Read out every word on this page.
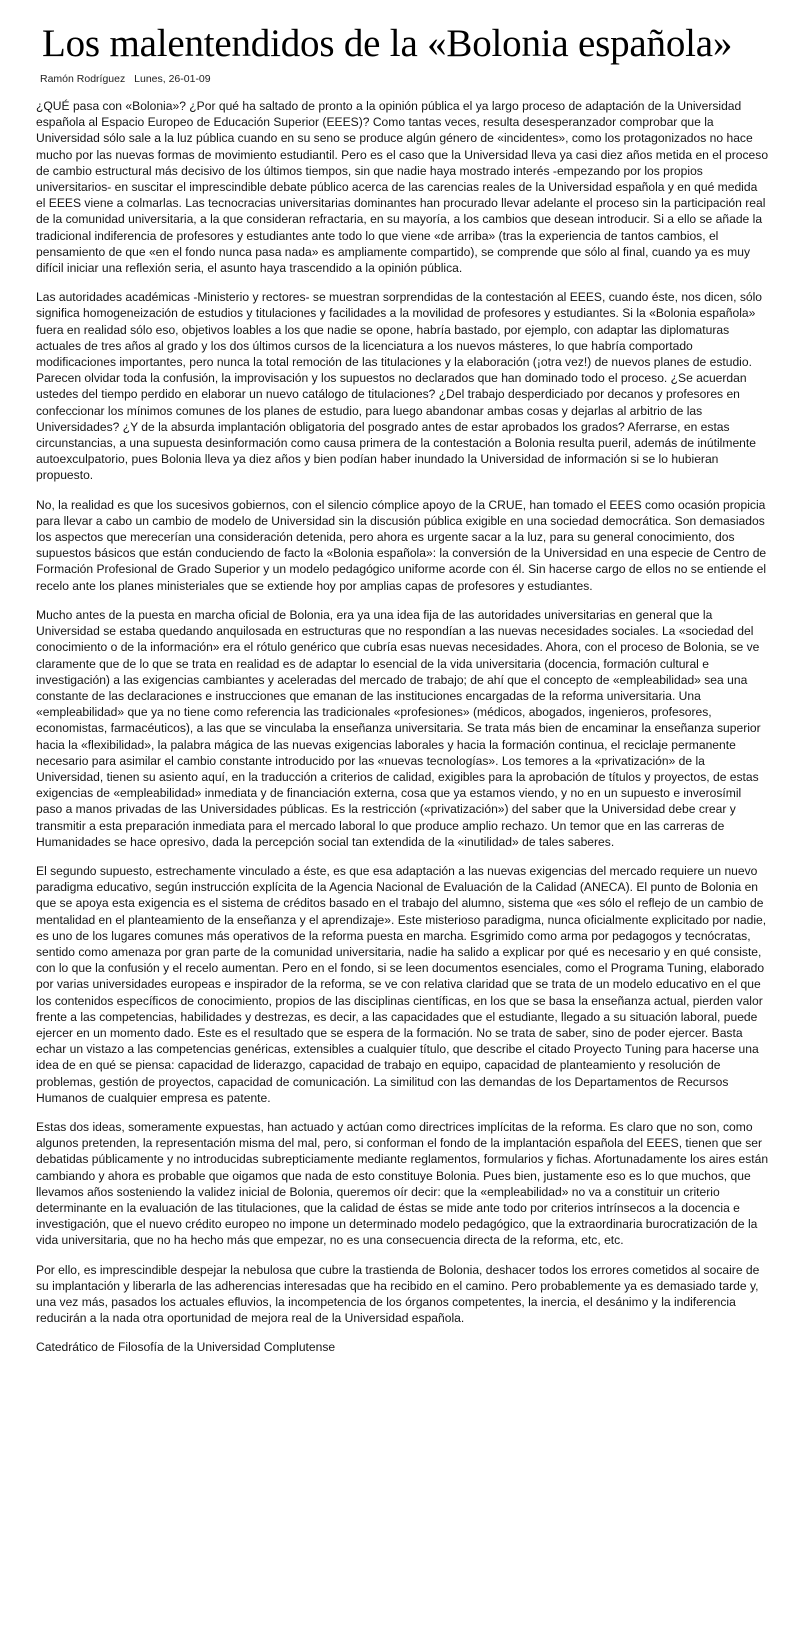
Los malentendidos de la «Bolonia española»
Ramón Rodríguez Lunes, 26-01-09

¿QUÉ pasa con «Bolonia»? ¿Por qué ha saltado de pronto a la opinión pública el ya largo proceso de adaptación de la Universidad española al Espacio Europeo de Educación Superior (EEES)? Como tantas veces, resulta desesperanzador comprobar que la Universidad sólo sale a la luz pública cuando en su seno se produce algún género de «incidentes», como los protagonizados no hace mucho por las nuevas formas de movimiento estudiantil. Pero es el caso que la Universidad lleva ya casi diez años metida en el proceso de cambio estructural más decisivo de los últimos tiempos, sin que nadie haya mostrado interés -empezando por los propios universitarios- en suscitar el imprescindible debate público acerca de las carencias reales de la Universidad española y en qué medida el EEES viene a colmarlas. Las tecnocracias universitarias dominantes han procurado llevar adelante el proceso sin la participación real de la comunidad universitaria, a la que consideran refractaria, en su mayoría, a los cambios que desean introducir. Si a ello se añade la tradicional indiferencia de profesores y estudiantes ante todo lo que viene «de arriba» (tras la experiencia de tantos cambios, el pensamiento de que «en el fondo nunca pasa nada» es ampliamente compartido), se comprende que sólo al final, cuando ya es muy difícil iniciar una reflexión seria, el asunto haya trascendido a la opinión pública.

Las autoridades académicas -Ministerio y rectores- se muestran sorprendidas de la contestación al EEES, cuando éste, nos dicen, sólo significa homogeneización de estudios y titulaciones y facilidades a la movilidad de profesores y estudiantes. Si la «Bolonia española» fuera en realidad sólo eso, objetivos loables a los que nadie se opone, habría bastado, por ejemplo, con adaptar las diplomaturas actuales de tres años al grado y los dos últimos cursos de la licenciatura a los nuevos másteres, lo que habría comportado modificaciones importantes, pero nunca la total remoción de las titulaciones y la elaboración (¡otra vez!) de nuevos planes de estudio. Parecen olvidar toda la confusión, la improvisación y los supuestos no declarados que han dominado todo el proceso. ¿Se acuerdan ustedes del tiempo perdido en elaborar un nuevo catálogo de titulaciones? ¿Del trabajo desperdiciado por decanos y profesores en confeccionar los mínimos comunes de los planes de estudio, para luego abandonar ambas cosas y dejarlas al arbitrio de las Universidades? ¿Y de la absurda implantación obligatoria del posgrado antes de estar aprobados los grados? Aferrarse, en estas circunstancias, a una supuesta desinformación como causa primera de la contestación a Bolonia resulta pueril, además de inútilmente autoexculpatorio, pues Bolonia lleva ya diez años y bien podían haber inundado la Universidad de información si se lo hubieran propuesto.

No, la realidad es que los sucesivos gobiernos, con el silencio cómplice apoyo de la CRUE, han tomado el EEES como ocasión propicia para llevar a cabo un cambio de modelo de Universidad sin la discusión pública exigible en una sociedad democrática. Son demasiados los aspectos que merecerían una consideración detenida, pero ahora es urgente sacar a la luz, para su general conocimiento, dos supuestos básicos que están conduciendo de facto la «Bolonia española»: la conversión de la Universidad en una especie de Centro de Formación Profesional de Grado Superior y un modelo pedagógico uniforme acorde con él. Sin hacerse cargo de ellos no se entiende el recelo ante los planes ministeriales que se extiende hoy por amplias capas de profesores y estudiantes.

Mucho antes de la puesta en marcha oficial de Bolonia, era ya una idea fija de las autoridades universitarias en general que la Universidad se estaba quedando anquilosada en estructuras que no respondían a las nuevas necesidades sociales. La «sociedad del conocimiento o de la información» era el rótulo genérico que cubría esas nuevas necesidades. Ahora, con el proceso de Bolonia, se ve claramente que de lo que se trata en realidad es de adaptar lo esencial de la vida universitaria (docencia, formación cultural e investigación) a las exigencias cambiantes y aceleradas del mercado de trabajo; de ahí que el concepto de «empleabilidad» sea una constante de las declaraciones e instrucciones que emanan de las instituciones encargadas de la reforma universitaria. Una «empleabilidad» que ya no tiene como referencia las tradicionales «profesiones» (médicos, abogados, ingenieros, profesores, economistas, farmacéuticos), a las que se vinculaba la enseñanza universitaria. Se trata más bien de encaminar la enseñanza superior hacia la «flexibilidad», la palabra mágica de las nuevas exigencias laborales y hacia la formación continua, el reciclaje permanente necesario para asimilar el cambio constante introducido por las «nuevas tecnologías». Los temores a la «privatización» de la Universidad, tienen su asiento aquí, en la traducción a criterios de calidad, exigibles para la aprobación de títulos y proyectos, de estas exigencias de «empleabilidad» inmediata y de financiación externa, cosa que ya estamos viendo, y no en un supuesto e inverosímil paso a manos privadas de las Universidades públicas. Es la restricción («privatización») del saber que la Universidad debe crear y transmitir a esta preparación inmediata para el mercado laboral lo que produce amplio rechazo. Un temor que en las carreras de Humanidades se hace opresivo, dada la percepción social tan extendida de la «inutilidad» de tales saberes.

El segundo supuesto, estrechamente vinculado a éste, es que esa adaptación a las nuevas exigencias del mercado requiere un nuevo paradigma educativo, según instrucción explícita de la Agencia Nacional de Evaluación de la Calidad (ANECA). El punto de Bolonia en que se apoya esta exigencia es el sistema de créditos basado en el trabajo del alumno, sistema que «es sólo el reflejo de un cambio de mentalidad en el planteamiento de la enseñanza y el aprendizaje». Este misterioso paradigma, nunca oficialmente explicitado por nadie, es uno de los lugares comunes más operativos de la reforma puesta en marcha. Esgrimido como arma por pedagogos y tecnócratas, sentido como amenaza por gran parte de la comunidad universitaria, nadie ha salido a explicar por qué es necesario y en qué consiste, con lo que la confusión y el recelo aumentan. Pero en el fondo, si se leen documentos esenciales, como el Programa Tuning, elaborado por varias universidades europeas e inspirador de la reforma, se ve con relativa claridad que se trata de un modelo educativo en el que los contenidos específicos de conocimiento, propios de las disciplinas científicas, en los que se basa la enseñanza actual, pierden valor frente a las competencias, habilidades y destrezas, es decir, a las capacidades que el estudiante, llegado a su situación laboral, puede ejercer en un momento dado. Este es el resultado que se espera de la formación. No se trata de saber, sino de poder ejercer. Basta echar un vistazo a las competencias genéricas, extensibles a cualquier título, que describe el citado Proyecto Tuning para hacerse una idea de en qué se piensa: capacidad de liderazgo, capacidad de trabajo en equipo, capacidad de planteamiento y resolución de problemas, gestión de proyectos, capacidad de comunicación. La similitud con las demandas de los Departamentos de Recursos Humanos de cualquier empresa es patente.

Estas dos ideas, someramente expuestas, han actuado y actúan como directrices implícitas de la reforma. Es claro que no son, como algunos pretenden, la representación misma del mal, pero, si conforman el fondo de la implantación española del EEES, tienen que ser debatidas públicamente y no introducidas subrepticiamente mediante reglamentos, formularios y fichas. Afortunadamente los aires están cambiando y ahora es probable que oigamos que nada de esto constituye Bolonia. Pues bien, justamente eso es lo que muchos, que llevamos años sosteniendo la validez inicial de Bolonia, queremos oír decir: que la «empleabilidad» no va a constituir un criterio determinante en la evaluación de las titulaciones, que la calidad de éstas se mide ante todo por criterios intrínsecos a la docencia e investigación, que el nuevo crédito europeo no impone un determinado modelo pedagógico, que la extraordinaria burocratización de la vida universitaria, que no ha hecho más que empezar, no es una consecuencia directa de la reforma, etc, etc.

Por ello, es imprescindible despejar la nebulosa que cubre la trastienda de Bolonia, deshacer todos los errores cometidos al socaire de su implantación y liberarla de las adherencias interesadas que ha recibido en el camino. Pero probablemente ya es demasiado tarde y, una vez más, pasados los actuales efluvios, la incompetencia de los órganos competentes, la inercia, el desánimo y la indiferencia reducirán a la nada otra oportunidad de mejora real de la Universidad española.

Catedrático de Filosofía de la Universidad Complutense
